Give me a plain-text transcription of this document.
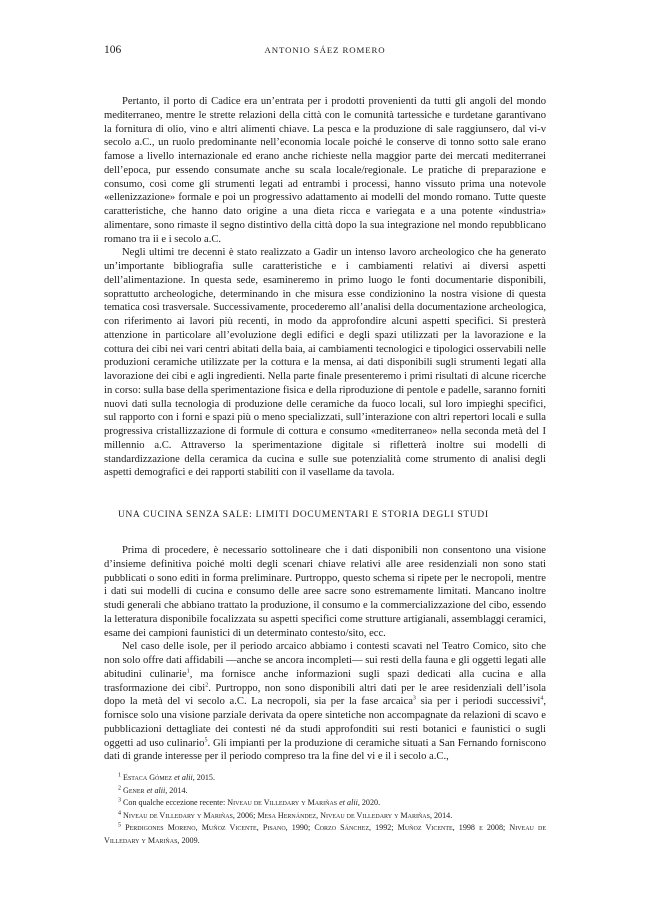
106	ANTONIO SÁEZ ROMERO

Pertanto, il porto di Cadice era un’entrata per i prodotti provenienti da tutti gli angoli del mondo mediterraneo, mentre le strette relazioni della città con le comunità tartessiche e turdetane garantivano la fornitura di olio, vino e altri alimenti chiave. La pesca e la produzione di sale raggiunsero, dal vi-v secolo a.C., un ruolo predominante nell’economia locale poiché le conserve di tonno sotto sale erano famose a livello internazionale ed erano anche richieste nella maggior parte dei mercati mediterranei dell’epoca, pur essendo consumate anche su scala locale/regionale. Le pratiche di preparazione e consumo, così come gli strumenti legati ad entrambi i processi, hanno vissuto prima una notevole «ellenizzazione» formale e poi un progressivo adattamento ai modelli del mondo romano. Tutte queste caratteristiche, che hanno dato origine a una dieta ricca e variegata e a una potente «industria» alimentare, sono rimaste il segno distintivo della città dopo la sua integrazione nel mondo repubblicano romano tra ii e i secolo a.C.

Negli ultimi tre decenni è stato realizzato a Gadir un intenso lavoro archeologico che ha generato un’importante bibliografia sulle caratteristiche e i cambiamenti relativi ai diversi aspetti dell’alimentazione. In questa sede, esamineremo in primo luogo le fonti documentarie disponibili, soprattutto archeologiche, determinando in che misura esse condizionino la nostra visione di questa tematica così trasversale. Successivamente, procederemo all’analisi della documentazione archeologica, con riferimento ai lavori più recenti, in modo da approfondire alcuni aspetti specifici. Si presterà attenzione in particolare all’evoluzione degli edifici e degli spazi utilizzati per la lavorazione e la cottura dei cibi nei vari centri abitati della baia, ai cambiamenti tecnologici e tipologici osservabili nelle produzioni ceramiche utilizzate per la cottura e la mensa, ai dati disponibili sugli strumenti legati alla lavorazione dei cibi e agli ingredienti. Nella parte finale presenteremo i primi risultati di alcune ricerche in corso: sulla base della sperimentazione fisica e della riproduzione di pentole e padelle, saranno forniti nuovi dati sulla tecnologia di produzione delle ceramiche da fuoco locali, sul loro impieghi specifici, sul rapporto con i forni e spazi più o meno specializzati, sull’interazione con altri repertori locali e sulla progressiva cristallizzazione di formule di cottura e consumo «mediterraneo» nella seconda metà del I millennio a.C. Attraverso la sperimentazione digitale si rifletterà inoltre sui modelli di standardizzazione della ceramica da cucina e sulle sue potenzialità come strumento di analisi degli aspetti demografici e dei rapporti stabiliti con il vasellame da tavola.

UNA CUCINA SENZA SALE: LIMITI DOCUMENTARI E STORIA DEGLI STUDI

Prima di procedere, è necessario sottolineare che i dati disponibili non consentono una visione d’insieme definitiva poiché molti degli scenari chiave relativi alle aree residenziali non sono stati pubblicati o sono editi in forma preliminare. Purtroppo, questo schema si ripete per le necropoli, mentre i dati sui modelli di cucina e consumo delle aree sacre sono estremamente limitati. Mancano inoltre studi generali che abbiano trattato la produzione, il consumo e la commercializzazione del cibo, essendo la letteratura disponibile focalizzata su aspetti specifici come strutture artigianali, assemblaggi ceramici, esame dei campioni faunistici di un determinato contesto/sito, ecc.

Nel caso delle isole, per il periodo arcaico abbiamo i contesti scavati nel Teatro Comico, sito che non solo offre dati affidabili —anche se ancora incompleti— sui resti della fauna e gli oggetti legati alle abitudini culinarie$^1$, ma fornisce anche informazioni sugli spazi dedicati alla cucina e alla trasformazione dei cibi$^2$. Purtroppo, non sono disponibili altri dati per le aree residenziali dell’isola dopo la metà del vi secolo a.C. La necropoli, sia per la fase arcaica$^3$ sia per i periodi successivi$^4$, fornisce solo una visione parziale derivata da opere sintetiche non accompagnate da relazioni di scavo e pubblicazioni dettagliate dei contesti né da studi approfonditi sui resti botanici e faunistici o sugli oggetti ad uso culinario$^5$. Gli impianti per la produzione di ceramiche situati a San Fernando forniscono dati di grande interesse per il periodo compreso tra la fine del vi e il i secolo a.C.,

$^1$ Estaca Gómez et alii, 2015.

$^2$ Gener et alii, 2014.

$^3$ Con qualche eccezione recente: Niveau de Villedary y Mariñas et alii, 2020.

$^4$ Niveau de Villedary y Mariñas, 2006; Mesa Hernández, Niveau de Villedary y Mariñas, 2014.

$^5$ Perdigones Moreno, Muñoz Vicente, Pisano, 1990; Corzo Sánchez, 1992; Muñoz Vicente, 1998 e 2008; Niveau de Villedary y Mariñas, 2009.
